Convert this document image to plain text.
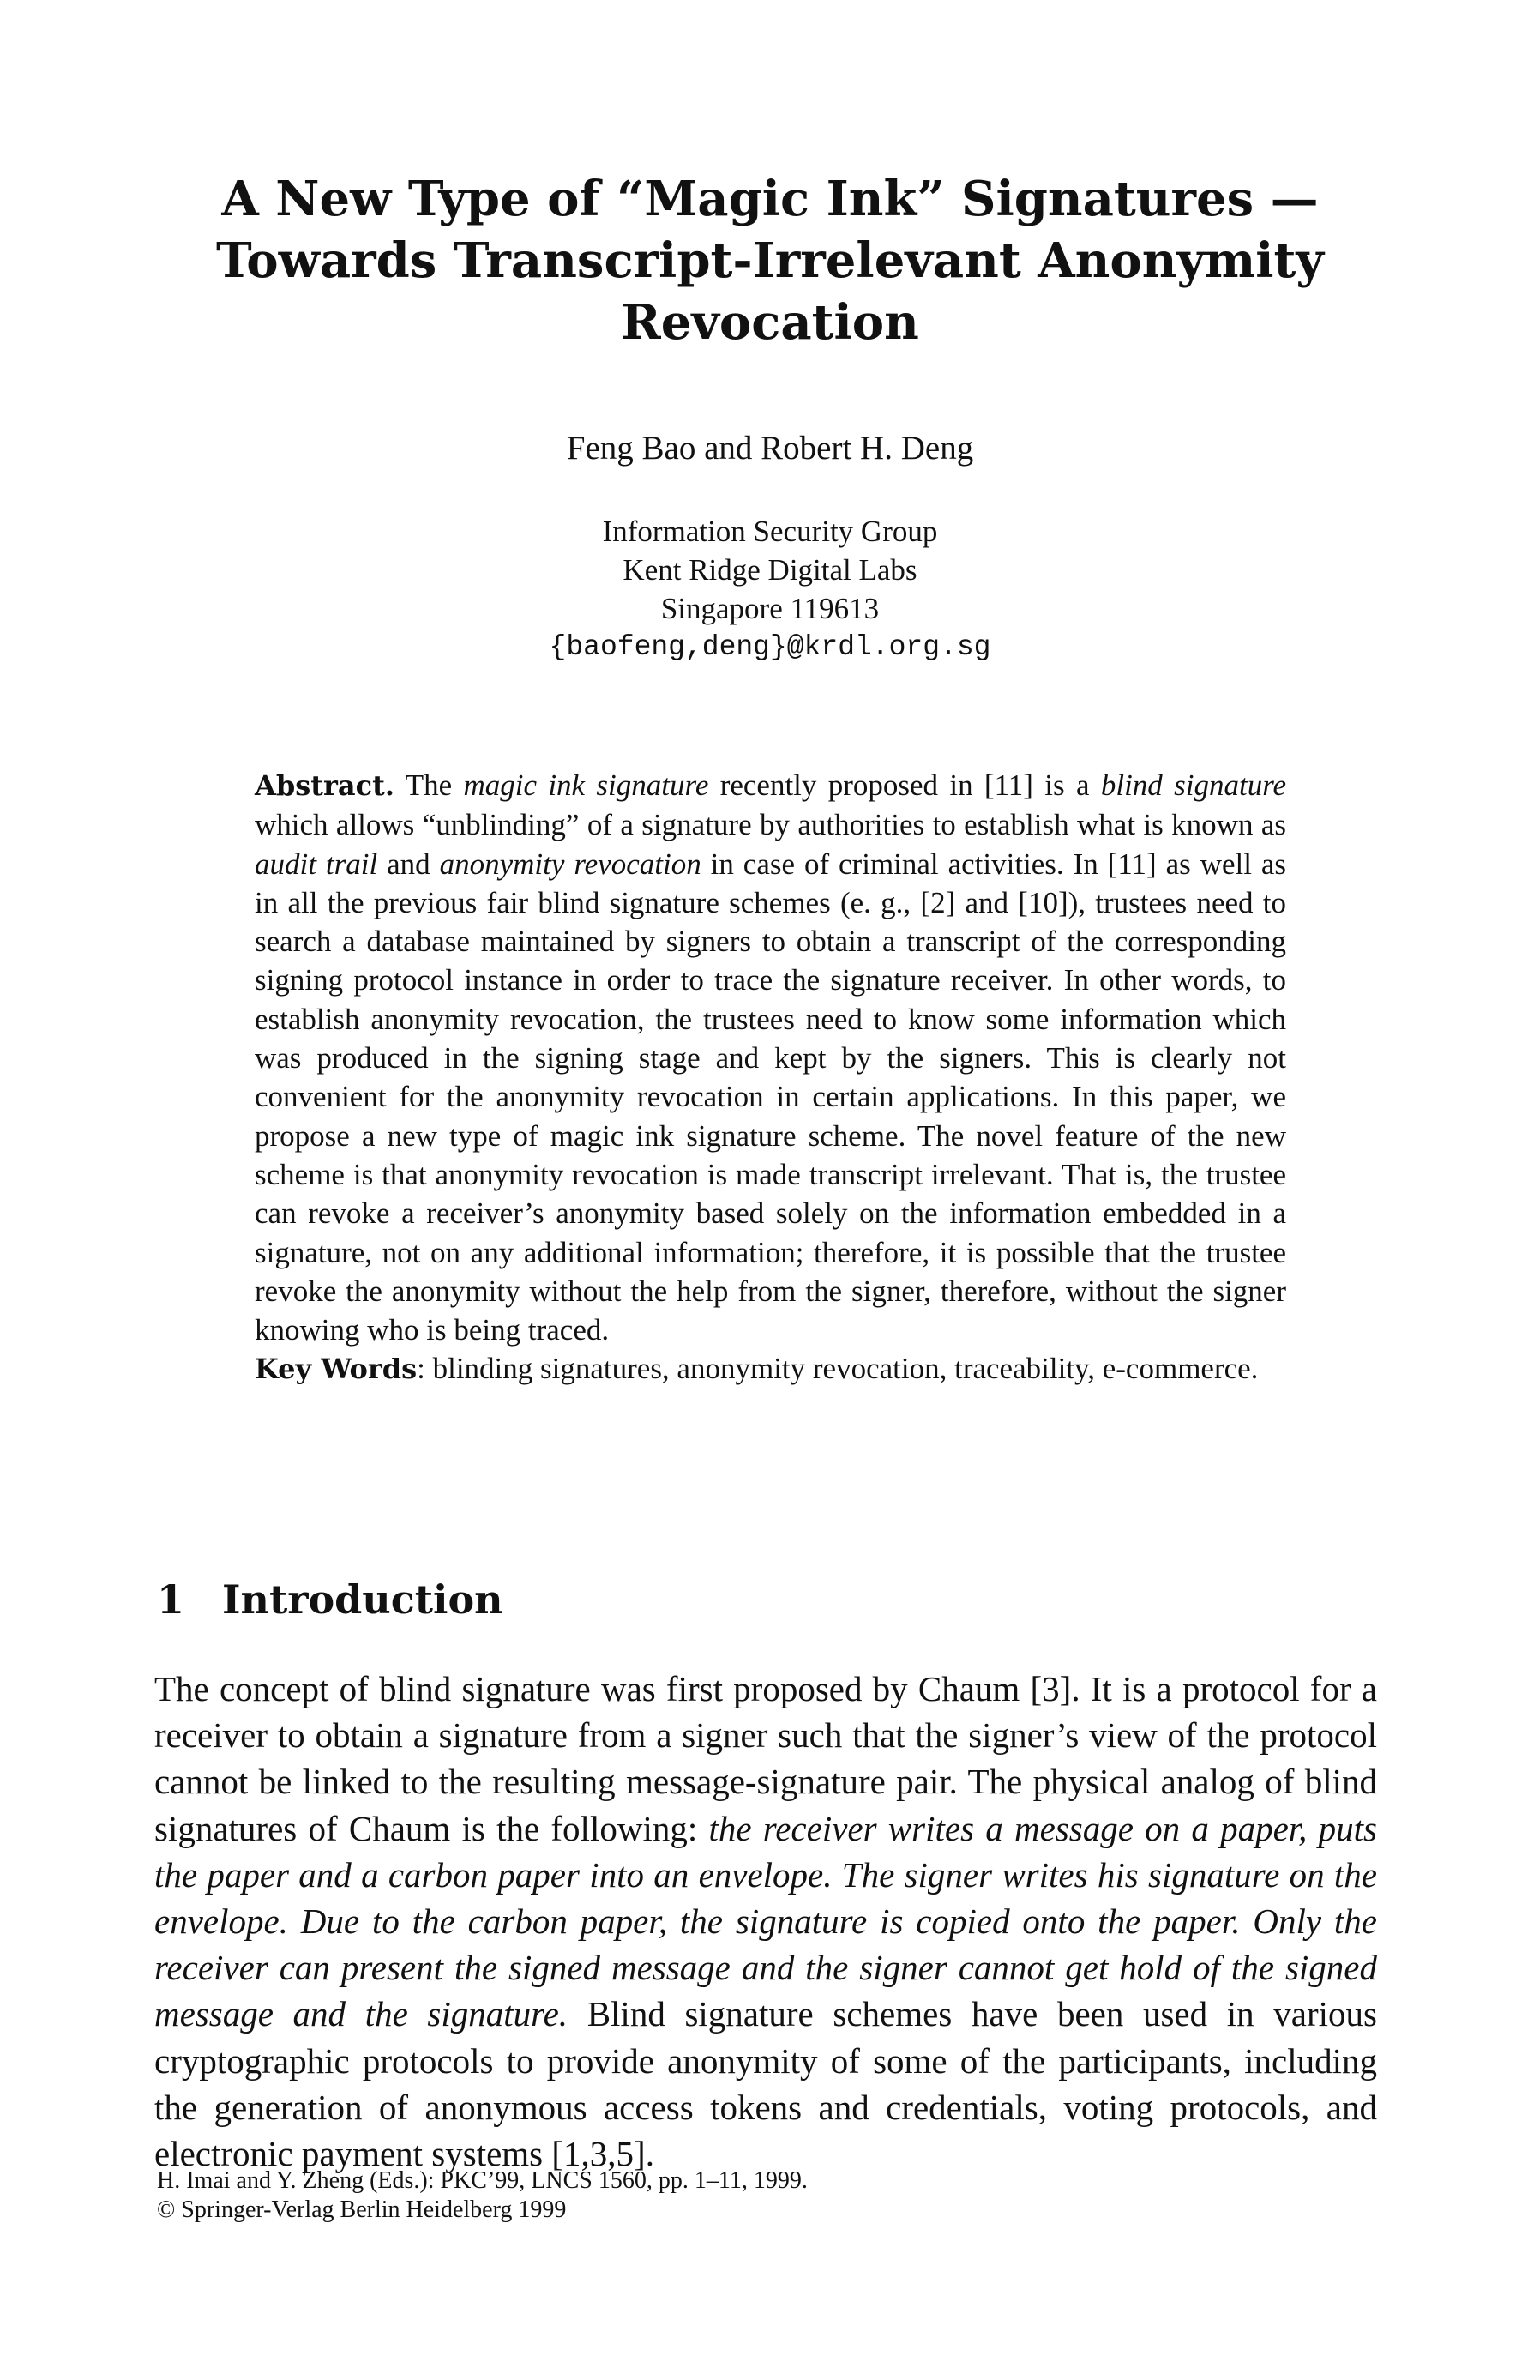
A New Type of “Magic Ink” Signatures —
Towards Transcript-Irrelevant Anonymity
Revocation
Feng Bao and Robert H. Deng
Information Security Group
Kent Ridge Digital Labs
Singapore 119613
{baofeng,deng}@krdl.org.sg

Abstract. The magic ink signature recently proposed in [11] is a blind signature which allows “unblinding” of a signature by authorities to establish what is known as audit trail and anonymity revocation in case of criminal activities. In [11] as well as in all the previous fair blind signature schemes (e. g., [2] and [10]), trustees need to search a database maintained by signers to obtain a transcript of the corresponding signing protocol instance in order to trace the signature receiver. In other words, to establish anonymity revocation, the trustees need to know some information which was produced in the signing stage and kept by the signers. This is clearly not convenient for the anonymity revocation in certain applications. In this paper, we propose a new type of magic ink signature scheme. The novel feature of the new scheme is that anonymity revocation is made transcript irrelevant. That is, the trustee can revoke a receiver’s anonymity based solely on the information embedded in a signature, not on any additional information; therefore, it is possible that the trustee revoke the anonymity without the help from the signer, therefore, without the signer knowing who is being traced.

Key Words: blinding signatures, anonymity revocation, traceability, e-commerce.

1 Introduction

The concept of blind signature was first proposed by Chaum [3]. It is a protocol for a receiver to obtain a signature from a signer such that the signer’s view of the protocol cannot be linked to the resulting message-signature pair. The physical analog of blind signatures of Chaum is the following: the receiver writes a message on a paper, puts the paper and a carbon paper into an envelope. The signer writes his signature on the envelope. Due to the carbon paper, the signature is copied onto the paper. Only the receiver can present the signed message and the signer cannot get hold of the signed message and the signature. Blind signature schemes have been used in various cryptographic protocols to provide anonymity of some of the participants, including the generation of anonymous access tokens and credentials, voting protocols, and electronic payment systems [1,3,5].

H. Imai and Y. Zheng (Eds.): PKC’99, LNCS 1560, pp. 1–11, 1999.
© Springer-Verlag Berlin Heidelberg 1999
